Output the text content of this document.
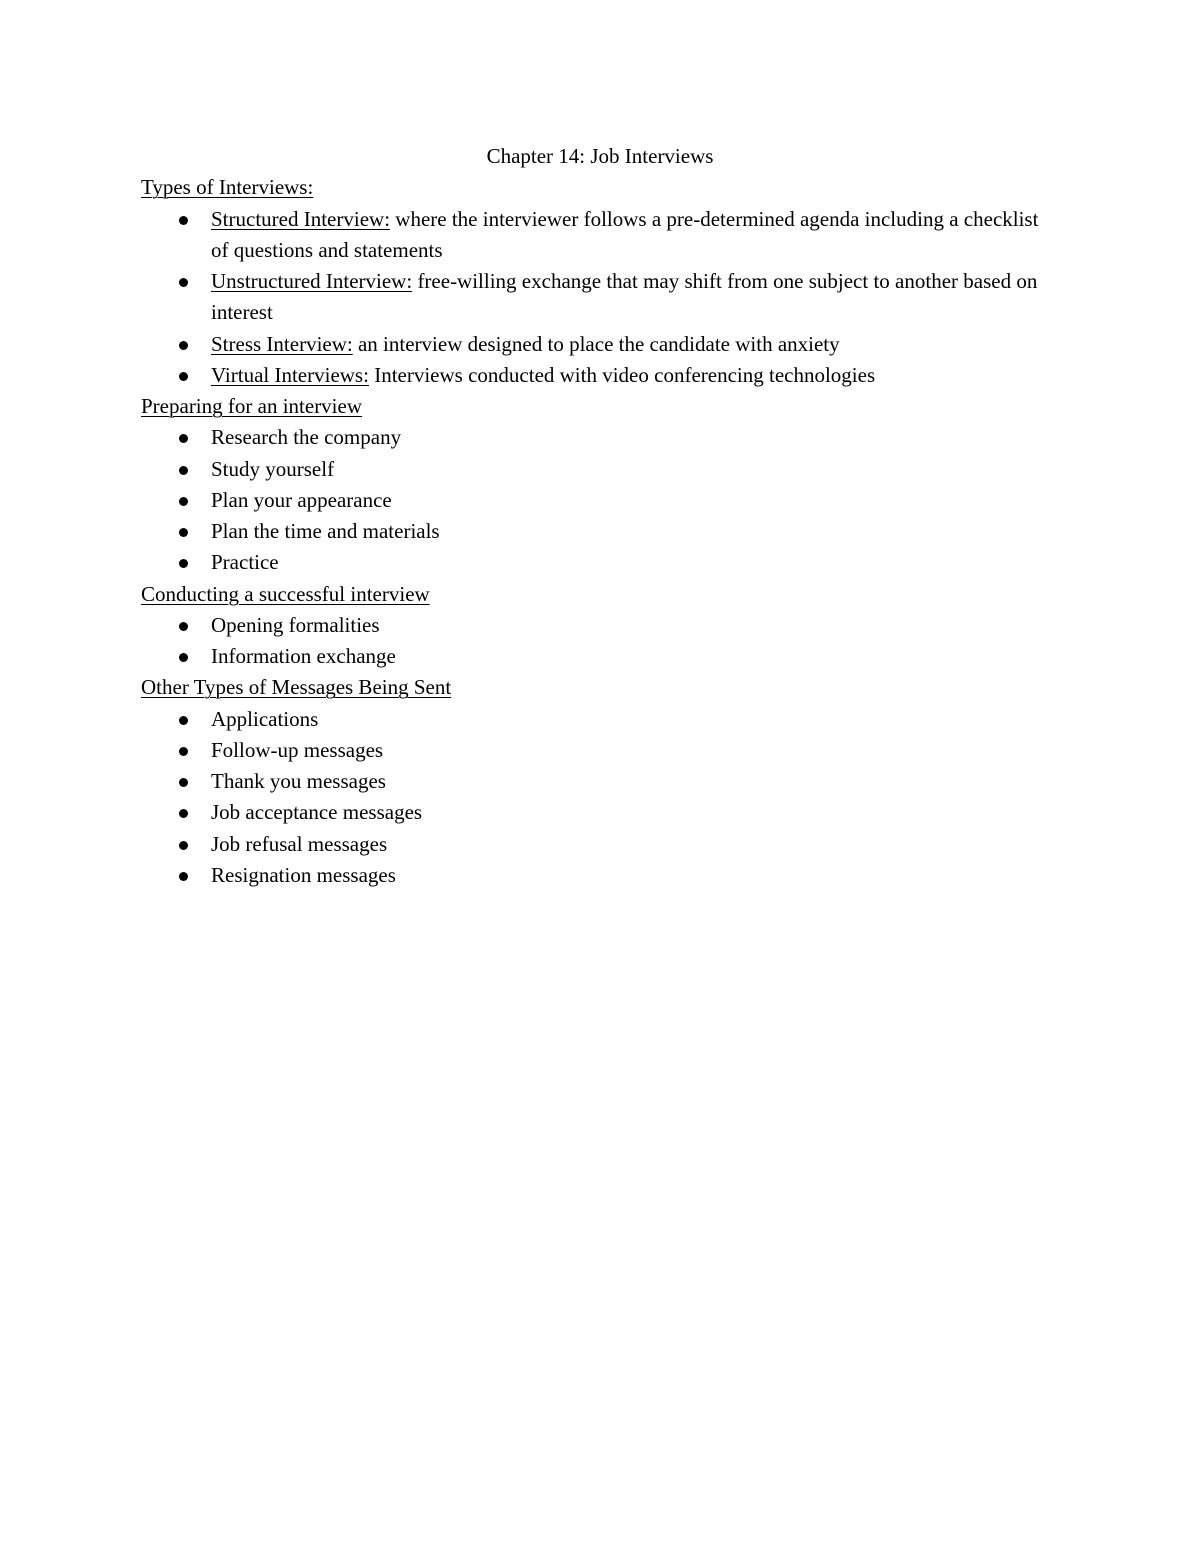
Chapter 14: Job Interviews

Types of Interviews:

Structured Interview: where the interviewer follows a pre-determined agenda including a checklist of questions and statements
Unstructured Interview: free-willing exchange that may shift from one subject to another based on interest
Stress Interview: an interview designed to place the candidate with anxiety
Virtual Interviews: Interviews conducted with video conferencing technologies

Preparing for an interview

Research the company
Study yourself
Plan your appearance
Plan the time and materials
Practice

Conducting a successful interview

Opening formalities
Information exchange

Other Types of Messages Being Sent

Applications
Follow-up messages
Thank you messages
Job acceptance messages
Job refusal messages
Resignation messages
